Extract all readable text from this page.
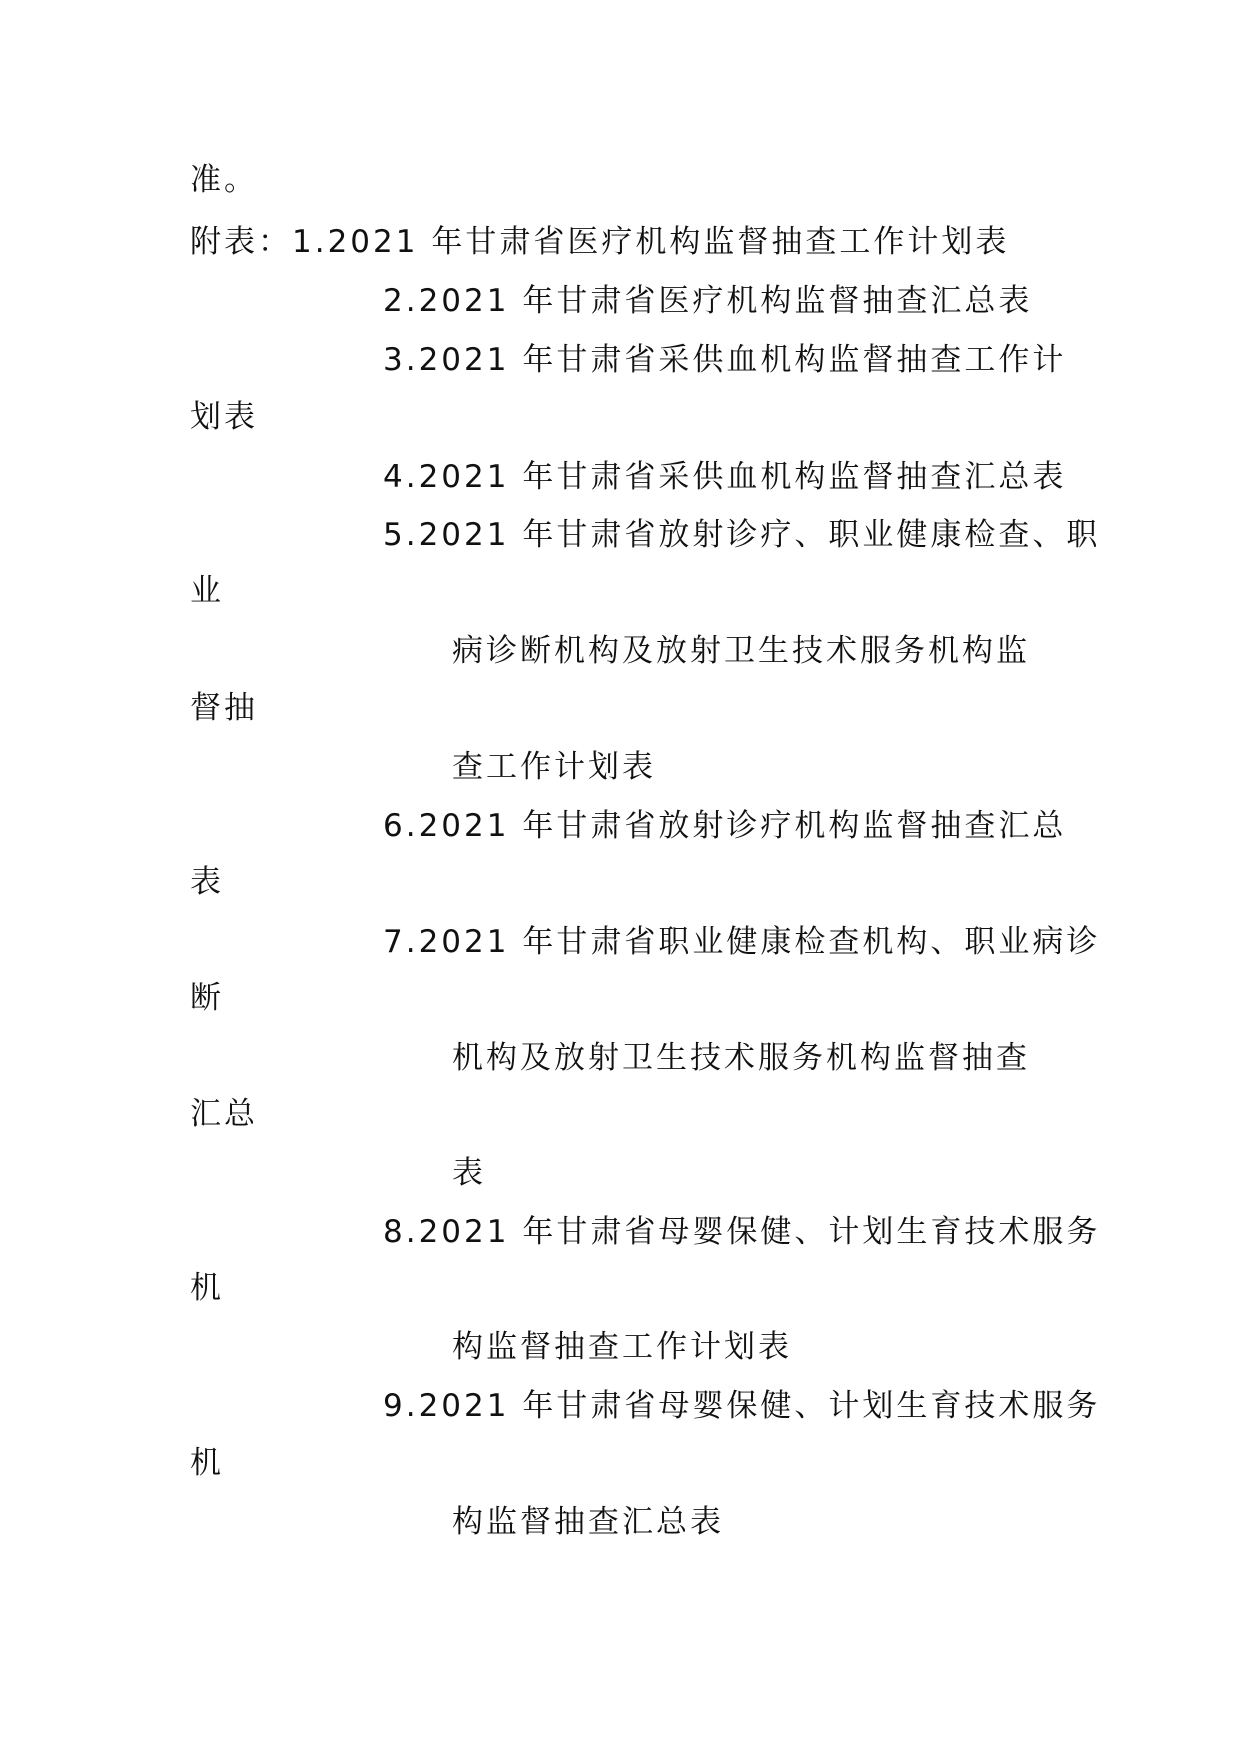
准。
附表：1.2021 年甘肃省医疗机构监督抽查工作计划表
2.2021 年甘肃省医疗机构监督抽查汇总表
3.2021 年甘肃省采供血机构监督抽查工作计
划表
4.2021 年甘肃省采供血机构监督抽查汇总表
5.2021 年甘肃省放射诊疗、职业健康检查、职
业
病诊断机构及放射卫生技术服务机构监
督抽
查工作计划表
6.2021 年甘肃省放射诊疗机构监督抽查汇总
表
7.2021 年甘肃省职业健康检查机构、职业病诊
断
机构及放射卫生技术服务机构监督抽查
汇总
表
8.2021 年甘肃省母婴保健、计划生育技术服务
机
构监督抽查工作计划表
9.2021 年甘肃省母婴保健、计划生育技术服务
机
构监督抽查汇总表
